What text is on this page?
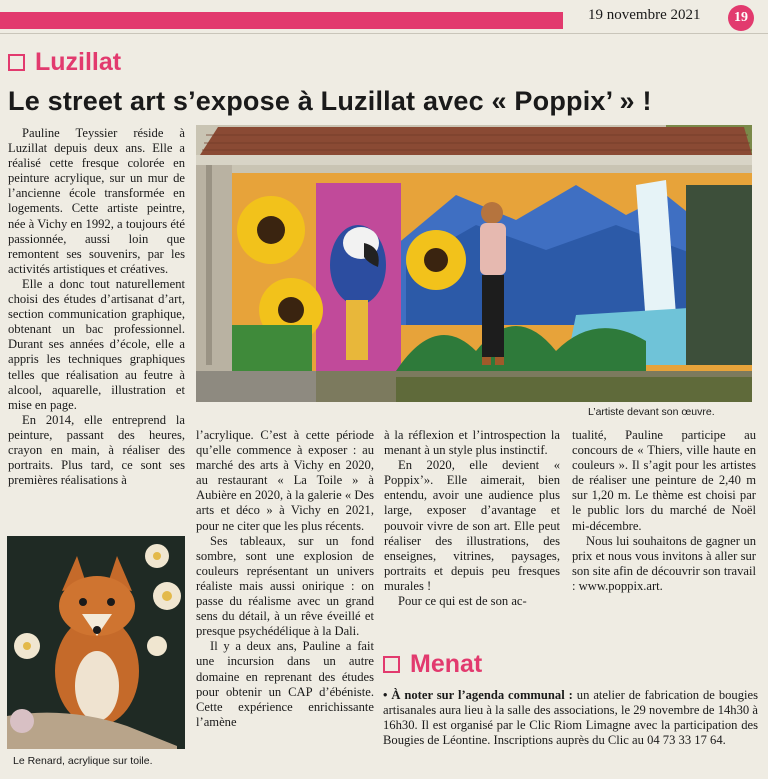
19 novembre 2021	19
Luzillat
Le street art s’expose à Luzillat avec « Poppix’ » !

Pauline Teyssier réside à Luzillat depuis deux ans. Elle a réalisé cette fresque colorée en peinture acrylique, sur un mur de l’ancienne école transformée en logements. Cette artiste peintre, née à Vichy en 1992, a toujours été passionnée, aussi loin que remontent ses souvenirs, par les activités artistiques et créatives.

Elle a donc tout naturellement choisi des études d’artisanat d’art, section communication graphique, obtenant un bac professionnel. Durant ses années d’école, elle a appris les techniques graphiques telles que réalisation au feutre à alcool, aquarelle, illustration et mise en page.

En 2014, elle entreprend la peinture, passant des heures, crayon en main, à réaliser des portraits. Plus tard, ce sont ses premières réalisations à

L’artiste devant son œuvre.
Le Renard, acrylique sur toile.

l’acrylique. C’est à cette période qu’elle commence à exposer : au marché des arts à Vichy en 2020, au restaurant « La Toile » à Aubière en 2020, à la galerie « Des arts et déco » à Vichy en 2021, pour ne citer que les plus récents.

Ses tableaux, sur un fond sombre, sont une explosion de couleurs représentant un univers réaliste mais aussi onirique : on passe du réalisme avec un grand sens du détail, à un rêve éveillé et presque psychédélique à la Dali.

Il y a deux ans, Pauline a fait une incursion dans un autre domaine en reprenant des études pour obtenir un CAP d’ébéniste. Cette expérience enrichissante l’amène

à la réflexion et l’introspection la menant à un style plus instinctif.

En 2020, elle devient « Poppix’». Elle aimerait, bien entendu, avoir une audience plus large, exposer d’avantage et pouvoir vivre de son art. Elle peut réaliser des illustrations, des enseignes, vitrines, paysages, portraits et depuis peu fresques murales !

Pour ce qui est de son ac-

tualité, Pauline participe au concours de « Thiers, ville haute en couleurs ». Il s’agit pour les artistes de réaliser une peinture de 2,40 m sur 1,20 m. Le thème est choisi par le public lors du marché de Noël mi-décembre.

Nous lui souhaitons de gagner un prix et nous vous invitons à aller sur son site afin de découvrir son travail : www.poppix.art.

Menat
• À noter sur l’agenda communal : un atelier de fabrication de bougies artisanales aura lieu à la salle des associations, le 29 novembre de 14h30 à 16h30. Il est organisé par le Clic Riom Limagne avec la participation des Bougies de Léontine. Inscriptions auprès du Clic au 04 73 33 17 64.
